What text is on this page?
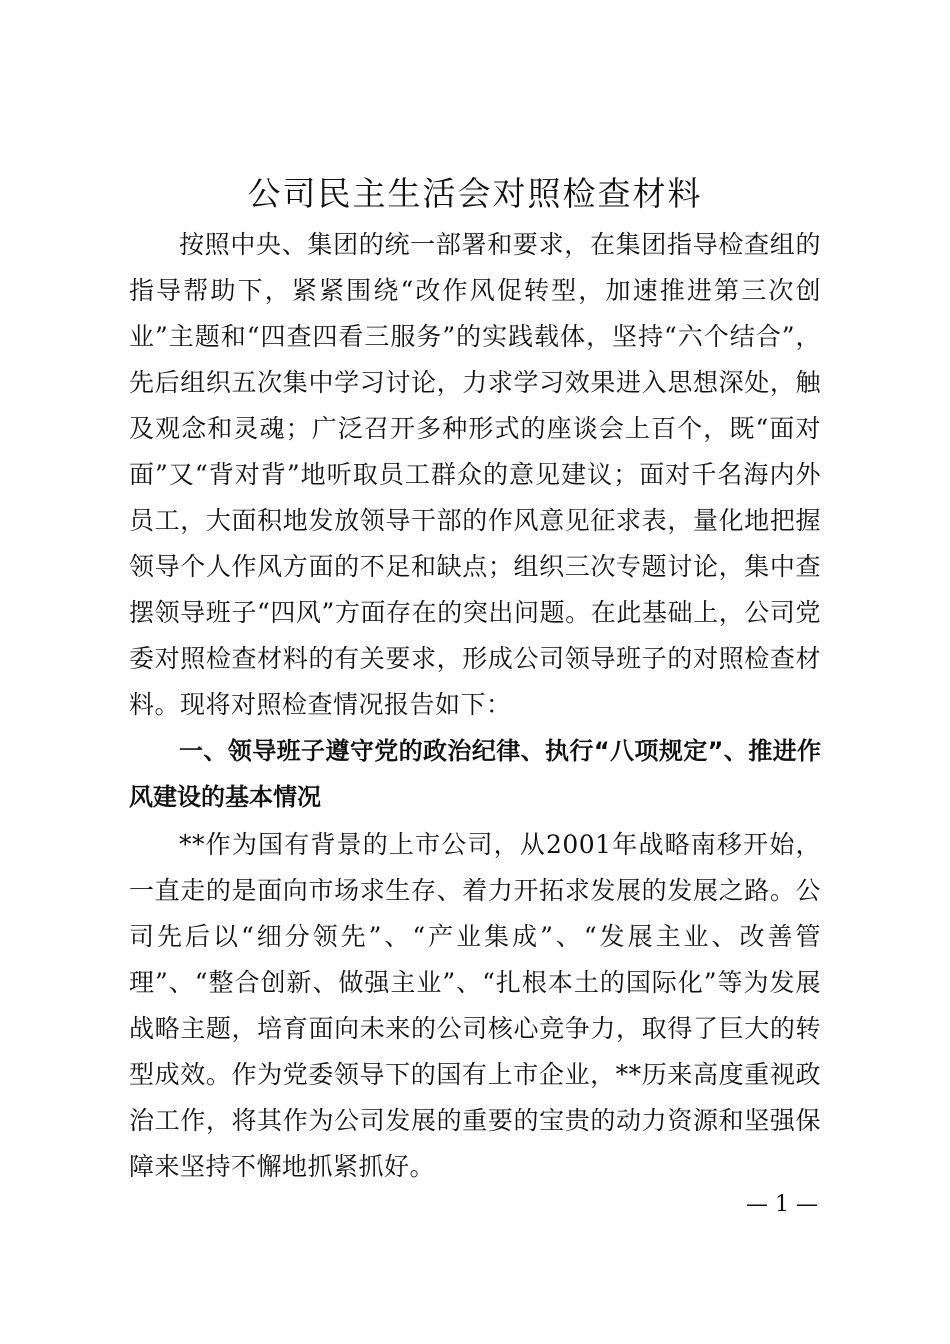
公司民主生活会对照检查材料

按照中央、集团的统一部署和要求，在集团指导检查组的指导帮助下，紧紧围绕“改作风促转型，加速推进第三次创业”主题和“四查四看三服务”的实践载体，坚持“六个结合”，先后组织五次集中学习讨论，力求学习效果进入思想深处，触及观念和灵魂；广泛召开多种形式的座谈会上百个，既“面对面”又“背对背”地听取员工群众的意见建议；面对千名海内外员工，大面积地发放领导干部的作风意见征求表，量化地把握领导个人作风方面的不足和缺点；组织三次专题讨论，集中查摆领导班子“四风”方面存在的突出问题。在此基础上，公司党委对照检查材料的有关要求，形成公司领导班子的对照检查材料。现将对照检查情况报告如下：

一、领导班子遵守党的政治纪律、执行“八项规定”、推进作风建设的基本情况

**作为国有背景的上市公司，从2001年战略南移开始，一直走的是面向市场求生存、着力开拓求发展的发展之路。公司先后以“细分领先”、“产业集成”、“发展主业、改善管理”、“整合创新、做强主业”、“扎根本土的国际化”等为发展战略主题，培育面向未来的公司核心竞争力，取得了巨大的转型成效。作为党委领导下的国有上市企业，**历来高度重视政治工作，将其作为公司发展的重要的宝贵的动力资源和坚强保障来坚持不懈地抓紧抓好。

— 1 —
